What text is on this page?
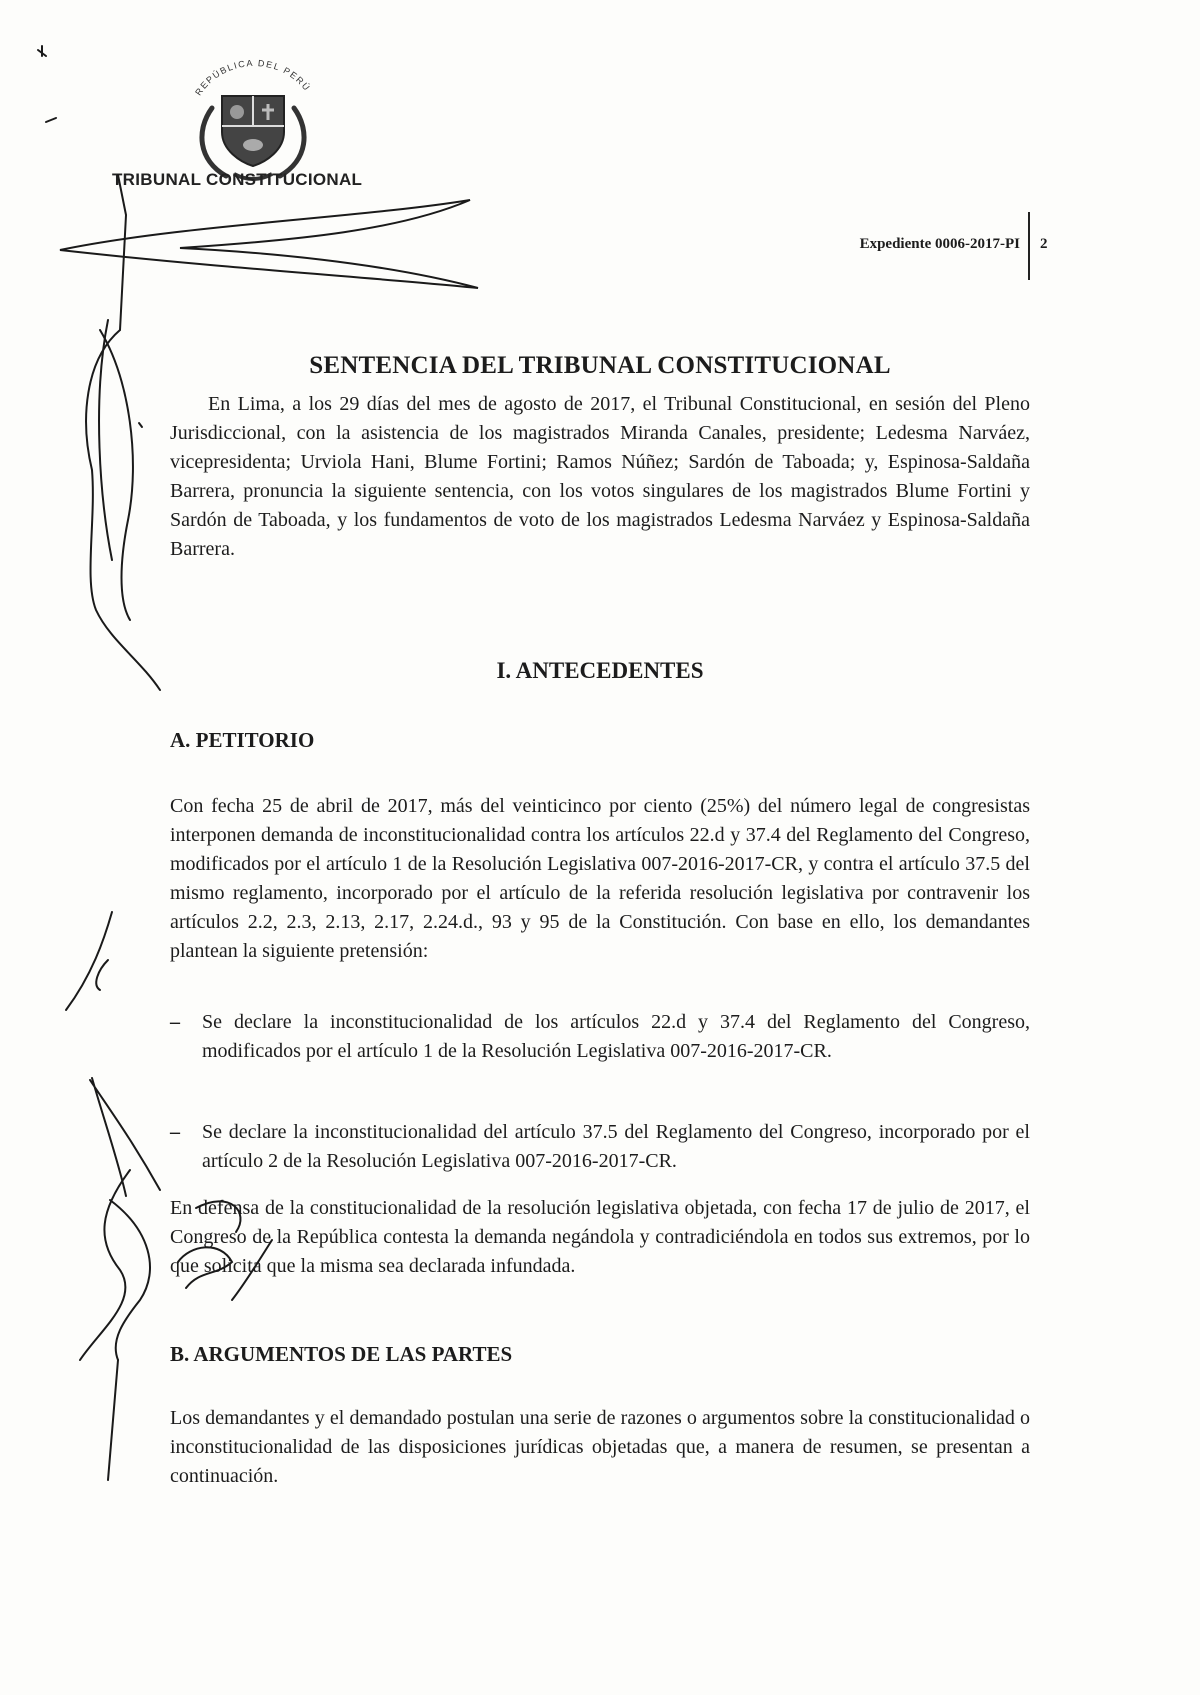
REPÚBLICA DEL PERÚ
TRIBUNAL CONSTITUCIONAL
Expediente 0006-2017-PI 2
SENTENCIA DEL TRIBUNAL CONSTITUCIONAL

En Lima, a los 29 días del mes de agosto de 2017, el Tribunal Constitucional, en sesión del Pleno Jurisdiccional, con la asistencia de los magistrados Miranda Canales, presidente; Ledesma Narváez, vicepresidenta; Urviola Hani, Blume Fortini; Ramos Núñez; Sardón de Taboada; y, Espinosa-Saldaña Barrera, pronuncia la siguiente sentencia, con los votos singulares de los magistrados Blume Fortini y Sardón de Taboada, y los fundamentos de voto de los magistrados Ledesma Narváez y Espinosa-Saldaña Barrera.

I. ANTECEDENTES
A. PETITORIO

Con fecha 25 de abril de 2017, más del veinticinco por ciento (25%) del número legal de congresistas interponen demanda de inconstitucionalidad contra los artículos 22.d y 37.4 del Reglamento del Congreso, modificados por el artículo 1 de la Resolución Legislativa 007-2016-2017-CR, y contra el artículo 37.5 del mismo reglamento, incorporado por el artículo de la referida resolución legislativa por contravenir los artículos 2.2, 2.3, 2.13, 2.17, 2.24.d., 93 y 95 de la Constitución. Con base en ello, los demandantes plantean la siguiente pretensión:

– Se declare la inconstitucionalidad de los artículos 22.d y 37.4 del Reglamento del Congreso, modificados por el artículo 1 de la Resolución Legislativa 007-2016-2017-CR.
– Se declare la inconstitucionalidad del artículo 37.5 del Reglamento del Congreso, incorporado por el artículo 2 de la Resolución Legislativa 007-2016-2017-CR.

En defensa de la constitucionalidad de la resolución legislativa objetada, con fecha 17 de julio de 2017, el Congreso de la República contesta la demanda negándola y contradiciéndola en todos sus extremos, por lo que solicita que la misma sea declarada infundada.

B. ARGUMENTOS DE LAS PARTES

Los demandantes y el demandado postulan una serie de razones o argumentos sobre la constitucionalidad o inconstitucionalidad de las disposiciones jurídicas objetadas que, a manera de resumen, se presentan a continuación.
